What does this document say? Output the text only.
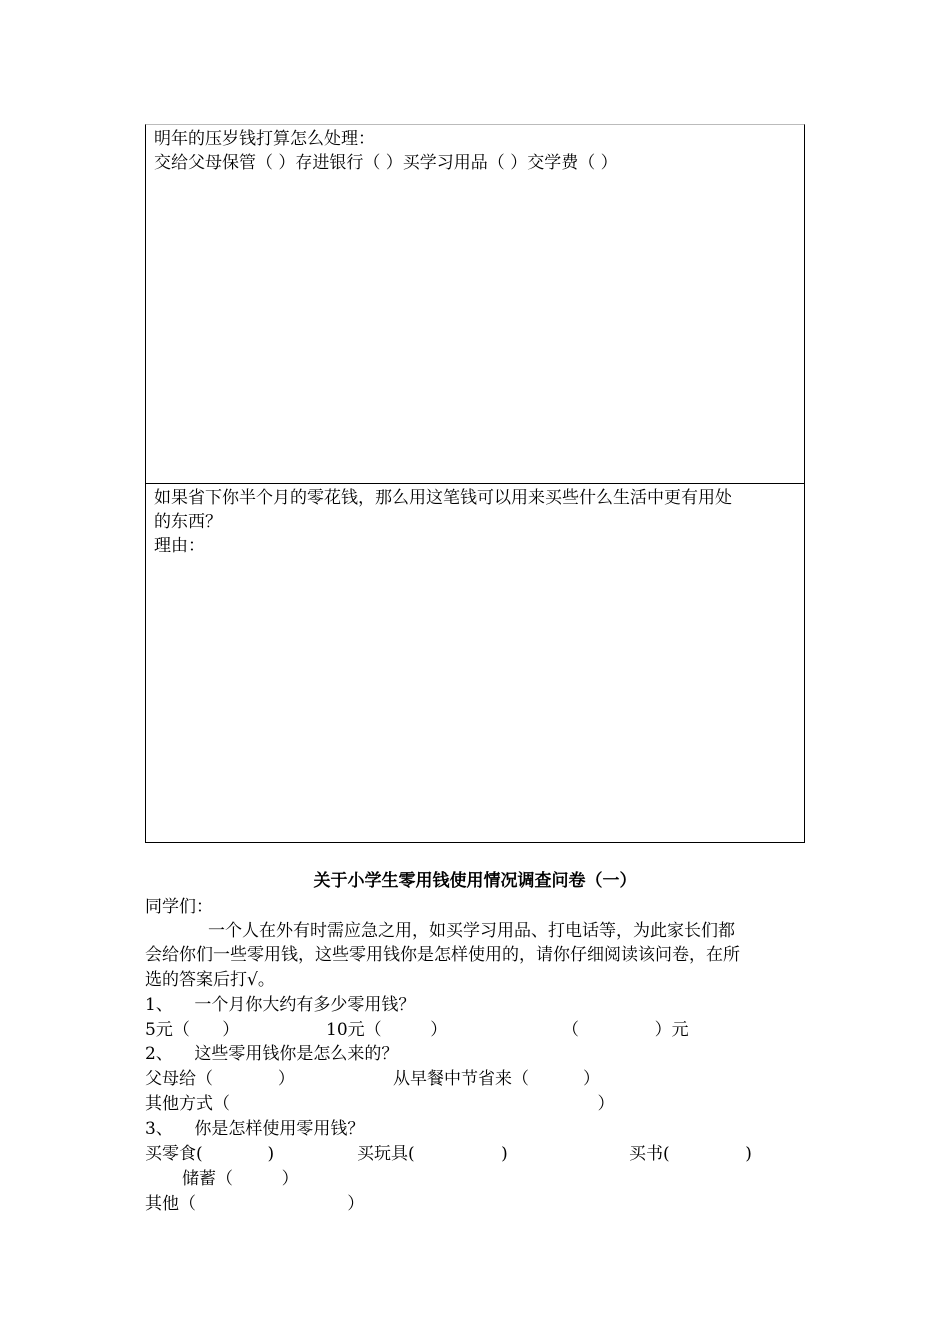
明年的压岁钱打算怎么处理：
交给父母保管（ ）存进银行（ ）买学习用品（ ）交学费（ ）
如果省下你半个月的零花钱，那么用这笔钱可以用来买些什么生活中更有用处
的东西？
理由：
关于小学生零用钱使用情况调查问卷（一）
同学们：
一个人在外有时需应急之用，如买学习用品、打电话等，为此家长们都
会给你们一些零用钱，这些零用钱你是怎样使用的，请你仔细阅读该问卷，在所
选的答案后打√。
1、    一个月你大约有多少零用钱？
5元（      ）	10元（         ）	（              ）元
2、    这些零用钱你是怎么来的？
父母给（            ）	从早餐中节省来（          ）
其他方式（                                                                    ）
3、    你是怎样使用零用钱？
买零食(            )	买玩具(                )	买书(              )
储蓄（         ）
其他（                            ）
